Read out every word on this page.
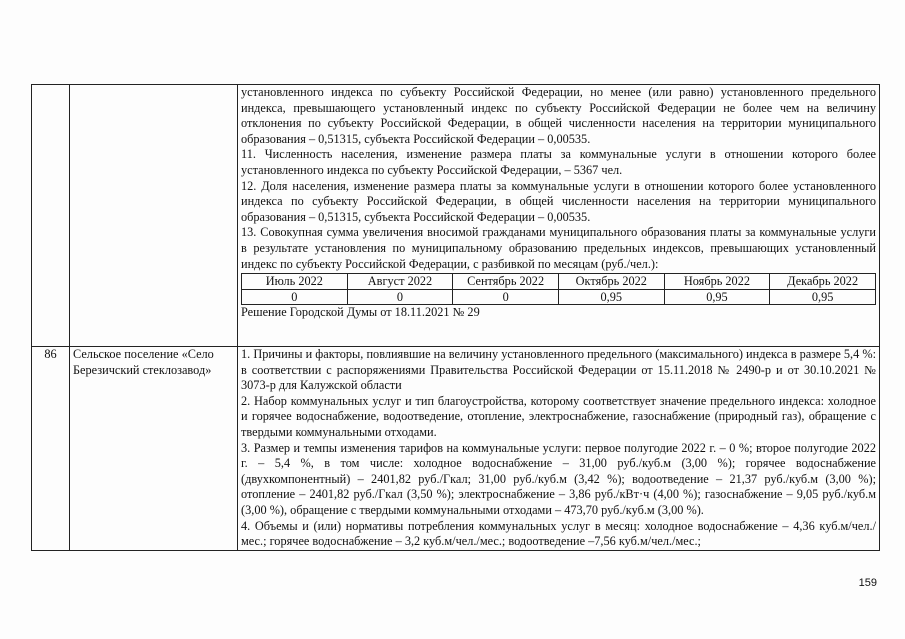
установленного индекса по субъекту Российской Федерации, но менее (или равно) установленного предельного индекса, превышающего установленный индекс по субъекту Российской Федерации не более чем на величину отклонения по субъекту Российской Федерации, в общей численности населения на территории муниципального образования – 0,51315, субъекта Российской Федерации – 0,00535.

11. Численность населения, изменение размера платы за коммунальные услуги в отношении которого более установленного индекса по субъекту Российской Федерации, – 5367 чел.

12. Доля населения, изменение размера платы за коммунальные услуги в отношении которого более установленного индекса по субъекту Российской Федерации, в общей численности населения на территории муниципального образования – 0,51315, субъекта Российской Федерации – 0,00535.

13. Совокупная сумма увеличения вносимой гражданами муниципального образования платы за коммунальные услуги в результате установления по муниципальному образованию предельных индексов, превышающих установленный индекс по субъекту Российской Федерации, с разбивкой по месяцам (руб./чел.):

Июль 2022	Август 2022	Сентябрь 2022	Октябрь 2022	Ноябрь 2022	Декабрь 2022
0	0	0	0,95	0,95	0,95

Решение Городской Думы от 18.11.2021 № 29

86	Сельское поселение «Село Березичский стеклозавод»	

1. Причины и факторы, повлиявшие на величину установленного предельного (максимального) индекса в размере 5,4 %: в соответствии с распоряжениями Правительства Российской Федерации от 15.11.2018 № 2490-р и от 30.10.2021 № 3073-р для Калужской области

2. Набор коммунальных услуг и тип благоустройства, которому соответствует значение предельного индекса: холодное и горячее водоснабжение, водоотведение, отопление, электроснабжение, газоснабжение (природный газ), обращение с твердыми коммунальными отходами.

3. Размер и темпы изменения тарифов на коммунальные услуги: первое полугодие 2022 г. – 0 %; второе полугодие 2022 г. – 5,4 %, в том числе: холодное водоснабжение – 31,00 руб./куб.м (3,00 %); горячее водоснабжение (двухкомпонентный) – 2401,82 руб./Гкал; 31,00 руб./куб.м (3,42 %); водоотведение – 21,37 руб./куб.м (3,00 %); отопление – 2401,82 руб./Гкал (3,50 %); электроснабжение – 3,86 руб./кВт·ч (4,00 %); газоснабжение – 9,05 руб./куб.м (3,00 %), обращение с твердыми коммунальными отходами – 473,70 руб./куб.м (3,00 %).

4. Объемы и (или) нормативы потребления коммунальных услуг в месяц: холодное водоснабжение – 4,36 куб.м/чел./мес.; горячее водоснабжение – 3,2 куб.м/чел./мес.; водоотведение –7,56 куб.м/чел./мес.;

159
